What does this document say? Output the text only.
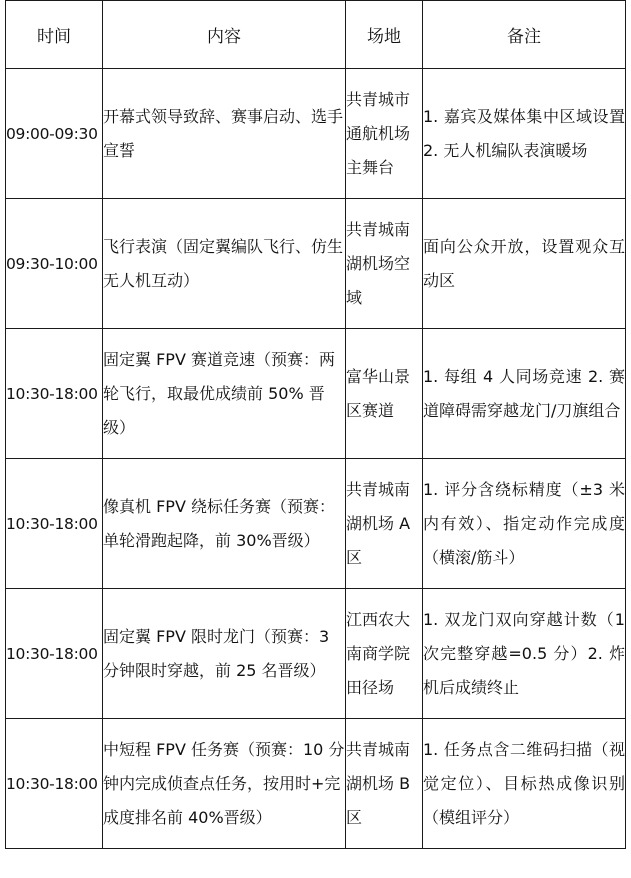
时间	内容	场地	备注
09:00-09:30	开幕式领导致辞、赛事启动、选手宣誓	共青城市通航机场主舞台	1. 嘉宾及媒体集中区域设置 2. 无人机编队表演暖场

09:30-10:00	飞行表演（固定翼编队飞行、仿生无人机互动）	共青城南湖机场空域	面向公众开放，设置观众互动区

10:30-18:00	固定翼 FPV 赛道竞速（预赛：两轮飞行，取最优成绩前 50% 晋级）	富华山景区赛道	1. 每组 4 人同场竞速 2. 赛道障碍需穿越龙门/刀旗组合

10:30-18:00	像真机 FPV 绕标任务赛（预赛：单轮滑跑起降，前 30%晋级）	共青城南湖机场 A 区	1. 评分含绕标精度（±3 米内有效）、指定动作完成度（横滚/筋斗）

10:30-18:00	固定翼 FPV 限时龙门（预赛：3 分钟限时穿越，前 25 名晋级）	江西农大南商学院田径场	1. 双龙门双向穿越计数（1 次完整穿越=0.5 分）2. 炸机后成绩终止

10:30-18:00	中短程 FPV 任务赛（预赛：10 分钟内完成侦查点任务，按用时+完成度排名前 40%晋级）	共青城南湖机场 B 区	1. 任务点含二维码扫描（视觉定位）、目标热成像识别（模组评分）
